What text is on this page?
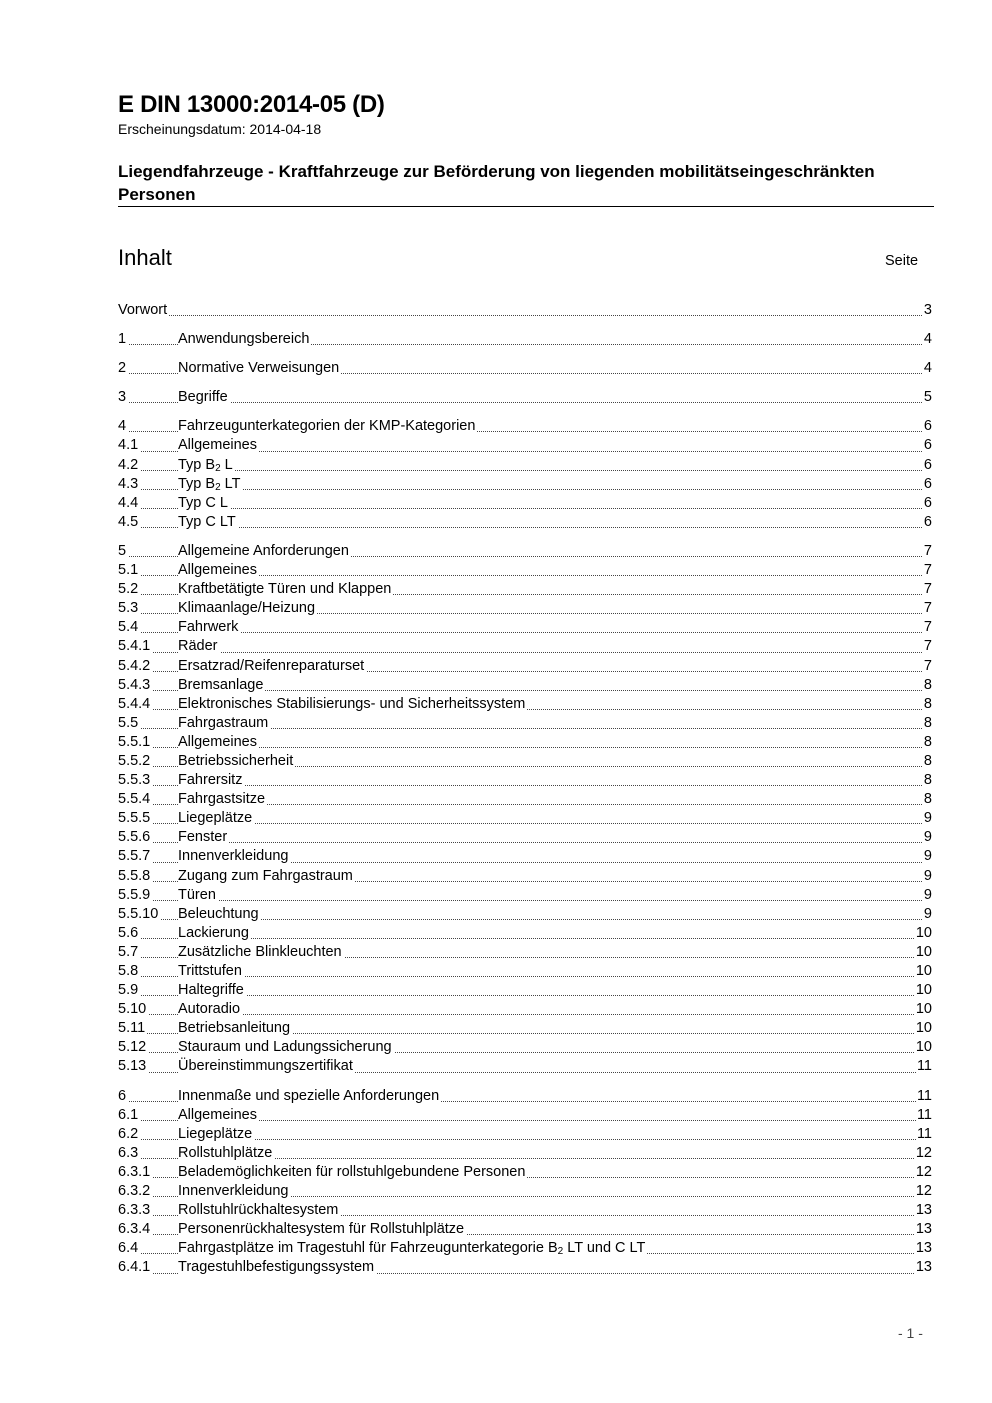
E DIN 13000:2014-05 (D)
Erscheinungsdatum: 2014-04-18
Liegendfahrzeuge - Kraftfahrzeuge zur Beförderung von liegenden mobilitätseingeschränkten Personen
Inhalt	Seite
Vorwort	3
1	Anwendungsbereich	4
2	Normative Verweisungen	4
3	Begriffe	5
4	Fahrzeugunterkategorien der KMP-Kategorien	6
4.1	Allgemeines	6
4.2	Typ $B_2$ L	6
4.3	Typ $B_2$ LT	6
4.4	Typ C L	6
4.5	Typ C LT	6
5	Allgemeine Anforderungen	7
5.1	Allgemeines	7
5.2	Kraftbetätigte Türen und Klappen	7
5.3	Klimaanlage/Heizung	7
5.4	Fahrwerk	7
5.4.1 Räder	7
5.4.2 Ersatzrad/Reifenreparaturset	7
5.4.3 Bremsanlage	8
5.4.4 Elektronisches Stabilisierungs- und Sicherheitssystem	8
5.5	Fahrgastraum	8
5.5.1 Allgemeines	8
5.5.2 Betriebssicherheit	8
5.5.3 Fahrersitz	8
5.5.4 Fahrgastsitze	8
5.5.5 Liegeplätze	9
5.5.6 Fenster	9
5.5.7 Innenverkleidung	9
5.5.8 Zugang zum Fahrgastraum	9
5.5.9 Türen	9
5.5.10 Beleuchtung	9
5.6	Lackierung	10
5.7	Zusätzliche Blinkleuchten	10
5.8	Trittstufen	10
5.9	Haltegriffe	10
5.10 Autoradio	10
5.11 Betriebsanleitung	10
5.12 Stauraum und Ladungssicherung	10
5.13 Übereinstimmungszertifikat	11
6	Innenmaße und spezielle Anforderungen	11
6.1	Allgemeines	11
6.2	Liegeplätze	11
6.3	Rollstuhlplätze	12
6.3.1 Belademöglichkeiten für rollstuhlgebundene Personen	12
6.3.2 Innenverkleidung	12
6.3.3 Rollstuhlrückhaltesystem	13
6.3.4 Personenrückhaltesystem für Rollstuhlplätze	13
6.4	Fahrgastplätze im Tragestuhl für Fahrzeugunterkategorie $B_2$ LT und C LT	13
6.4.1 Tragestuhlbefestigungssystem	13
- 1 -
